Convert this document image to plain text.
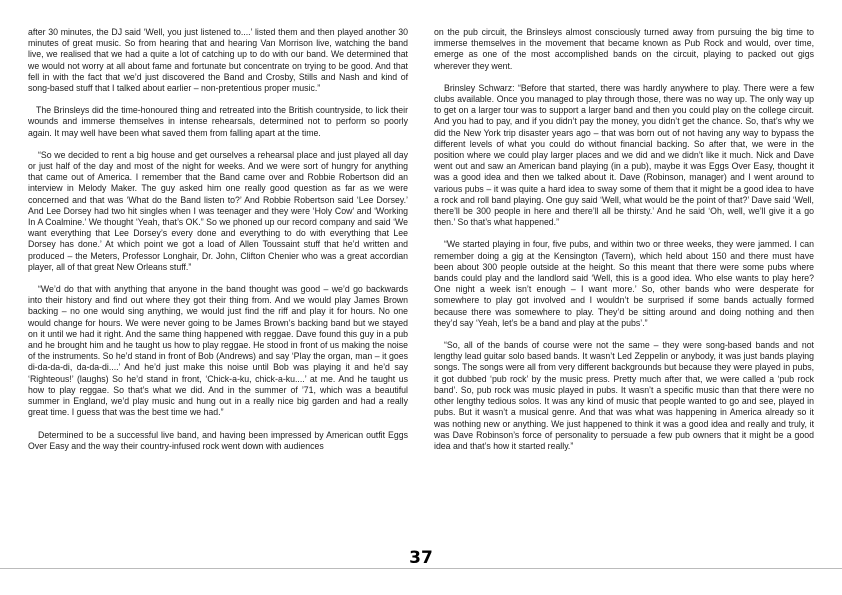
after 30 minutes, the DJ said ‘Well, you just listened to....’ listed them and then played another 30 minutes of great music. So from hearing that and hearing Van Morrison live, watching the band live, we realised that we had a quite a lot of catching up to do with our band. We determined that we would not worry at all about fame and fortunate but concentrate on trying to be good. And that fell in with the fact that we’d just discovered the Band and Crosby, Stills and Nash and kind of song-based stuff that I talked about earlier – non-pretentious proper music.”

The Brinsleys did the time-honoured thing and retreated into the British countryside, to lick their wounds and immerse themselves in intense rehearsals, determined not to perform so poorly again. It may well have been what saved them from falling apart at the time.

“So we decided to rent a big house and get ourselves a rehearsal place and just played all day or just half of the day and most of the night for weeks. And we were sort of hungry for anything that came out of America. I remember that the Band came over and Robbie Robertson did an interview in Melody Maker. The guy asked him one really good question as far as we were concerned and that was ‘What do the Band listen to?’ And Robbie Robertson said ‘Lee Dorsey.’ And Lee Dorsey had two hit singles when I was teenager and they were ‘Holy Cow’ and ‘Working In A Coalmine.’ We thought ‘Yeah, that’s OK.” So we phoned up our record company and said ‘We want everything that Lee Dorsey’s every done and everything to do with everything that Lee Dorsey has done.’ At which point we got a load of Allen Toussaint stuff that he’d written and produced – the Meters, Professor Longhair, Dr. John, Clifton Chenier who was a great accordian player, all of that great New Orleans stuff.”

“We’d do that with anything that anyone in the band thought was good – we’d go backwards into their history and find out where they got their thing from. And we would play James Brown backing – no one would sing anything, we would just find the riff and play it for hours. No one would change for hours. We were never going to be James Brown’s backing band but we stayed on it until we had it right. And the same thing happened with reggae. Dave found this guy in a pub and he brought him and he taught us how to play reggae. He stood in front of us making the noise of the instruments. So he’d stand in front of Bob (Andrews) and say ‘Play the organ, man – it goes di-da-da-di, da-da-di....’ And he’d just make this noise until Bob was playing it and he’d say ‘Righteous!’ (laughs) So he’d stand in front, ‘Chick-a-ku, chick-a-ku....’ at me. And he taught us how to play reggae. So that’s what we did. And in the summer of ’71, which was a beautiful summer in England, we’d play music and hung out in a really nice big garden and had a really great time. I guess that was the best time we had.”

Determined to be a successful live band, and having been impressed by American outfit Eggs Over Easy and the way their country-infused rock went down with audiences

on the pub circuit, the Brinsleys almost consciously turned away from pursuing the big time to immerse themselves in the movement that became known as Pub Rock and would, over time, emerge as one of the most accomplished bands on the circuit, playing to packed out gigs wherever they went.

Brinsley Schwarz: “Before that started, there was hardly anywhere to play. There were a few clubs available. Once you managed to play through those, there was no way up. The only way up to get on a larger tour was to support a larger band and then you could play on the college circuit. And you had to pay, and if you didn’t pay the money, you didn’t get the chance. So, that’s why we did the New York trip disaster years ago – that was born out of not having any way to bypass the different levels of what you could do without financial backing. So after that, we were in the position where we could play larger places and we did and we didn’t like it much. Nick and Dave went out and saw an American band playing (in a pub), maybe it was Eggs Over Easy, thought it was a good idea and then we talked about it. Dave (Robinson, manager) and I went around to various pubs – it was quite a hard idea to sway some of them that it might be a good idea to have a rock and roll band playing. One guy said ‘Well, what would be the point of that?’ Dave said ‘Well, there’ll be 300 people in here and there’ll all be thirsty.’ And he said ‘Oh, well, we’ll give it a go then.’ So that’s what happened.”

“We started playing in four, five pubs, and within two or three weeks, they were jammed. I can remember doing a gig at the Kensington (Tavern), which held about 150 and there must have been about 300 people outside at the height. So this meant that there were some pubs where bands could play and the landlord said ‘Well, this is a good idea. Who else wants to play here? One night a week isn’t enough – I want more.’ So, other bands who were desperate for somewhere to play got involved and I wouldn’t be surprised if some bands actually formed because there was somewhere to play. They’d be sitting around and doing nothing and then they’d say ‘Yeah, let’s be a band and play at the pubs’.”

“So, all of the bands of course were not the same – they were song-based bands and not lengthy lead guitar solo based bands. It wasn’t Led Zeppelin or anybody, it was just bands playing songs. The songs were all from very different backgrounds but because they were played in pubs, it got dubbed ‘pub rock’ by the music press. Pretty much after that, we were called a ‘pub rock band’. So, pub rock was music played in pubs. It wasn’t a specific music than that there were no other lengthy tedious solos. It was any kind of music that people wanted to go and see, played in pubs. But it wasn’t a musical genre. And that was what was happening in America already so it was nothing new or anything. We just happened to think it was a good idea and really and truly, it was Dave Robinson’s force of personality to persuade a few pub owners that it might be a good idea and that’s how it started really.”

37
